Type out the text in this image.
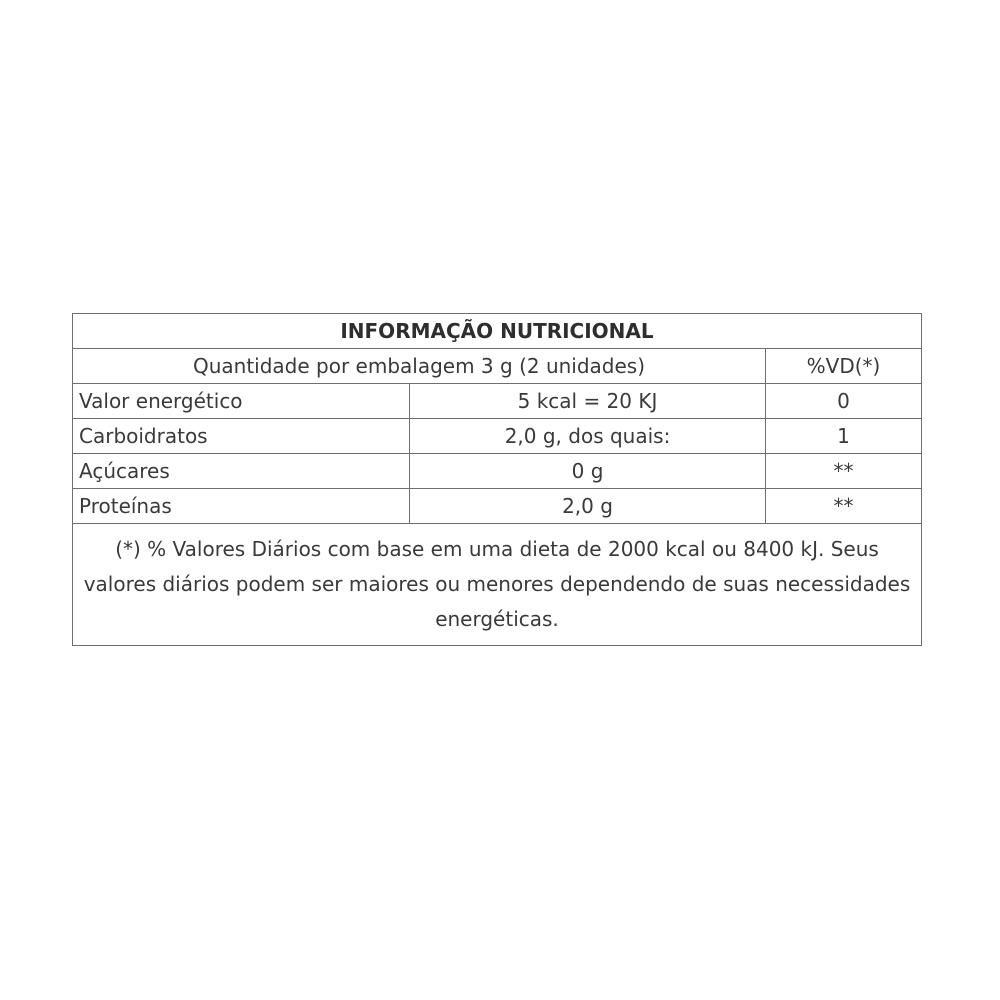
INFORMAÇÃO NUTRICIONAL		
Quantidade por embalagem 3 g (2 unidades)		%VD(*)
Valor energético	5 kcal = 20 KJ	0
Carboidratos	2,0 g, dos quais:	1
Açúcares	0 g	**
Proteínas	2,0 g	**
(*) % Valores Diários com base em uma dieta de 2000 kcal ou 8400 kJ. Seus valores diários podem ser maiores ou menores dependendo de suas necessidades energéticas.		
